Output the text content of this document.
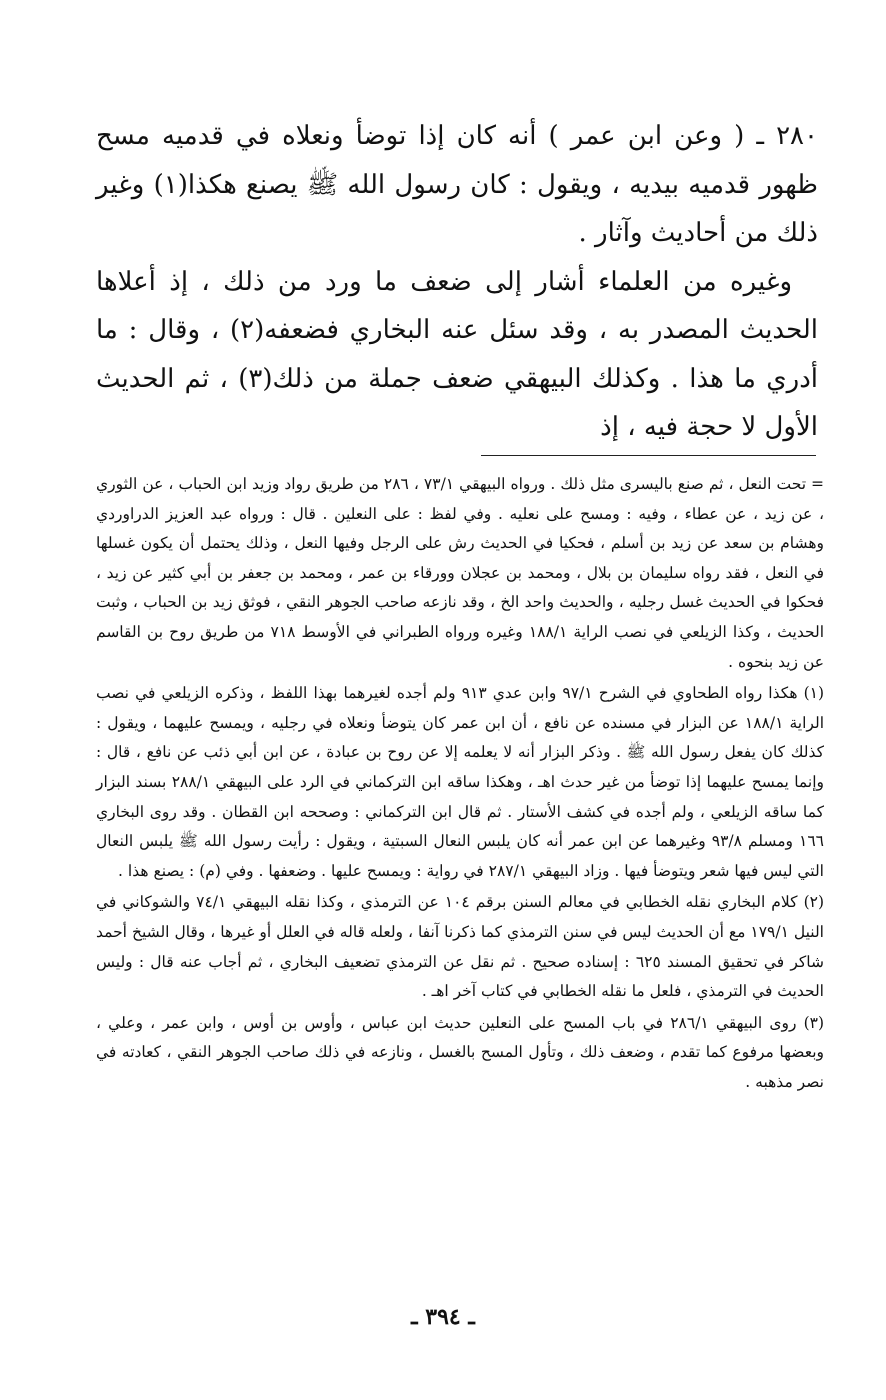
٢٨٠ ـ ( وعن ابن عمر ) أنه كان إذا توضأ ونعلاه في قدميه مسح ظهور قدميه بيديه ، ويقول : كان رسول الله ﷺ يصنع هكذا(١) وغير ذلك من أحاديث وآثار .

وغيره من العلماء أشار إلى ضعف ما ورد من ذلك ، إذ أعلاها الحديث المصدر به ، وقد سئل عنه البخاري فضعفه(٢) ، وقال : ما أدري ما هذا . وكذلك البيهقي ضعف جملة من ذلك(٣) ، ثم الحديث الأول لا حجة فيه ، إذ

= تحت النعل ، ثم صنع باليسرى مثل ذلك . ورواه البيهقي ٧٣/١ ، ٢٨٦ من طريق رواد وزيد ابن الحباب ، عن الثوري ، عن زيد ، عن عطاء ، وفيه : ومسح على نعليه . وفي لفظ : على النعلين . قال : ورواه عبد العزيز الدراوردي وهشام بن سعد عن زيد بن أسلم ، فحكيا في الحديث رش على الرجل وفيها النعل ، وذلك يحتمل أن يكون غسلها في النعل ، فقد رواه سليمان بن بلال ، ومحمد بن عجلان وورقاء بن عمر ، ومحمد بن جعفر بن أبي كثير عن زيد ، فحكوا في الحديث غسل رجليه ، والحديث واحد الخ ، وقد نازعه صاحب الجوهر النقي ، فوثق زيد بن الحباب ، وثبت الحديث ، وكذا الزيلعي في نصب الراية ١٨٨/١ وغيره ورواه الطبراني في الأوسط ٧١٨ من طريق روح بن القاسم عن زيد بنحوه .

(١) هكذا رواه الطحاوي في الشرح ٩٧/١ وابن عدي ٩١٣ ولم أجده لغيرهما بهذا اللفظ ، وذكره الزيلعي في نصب الراية ١٨٨/١ عن البزار في مسنده عن نافع ، أن ابن عمر كان يتوضأ ونعلاه في رجليه ، ويمسح عليهما ، ويقول : كذلك كان يفعل رسول الله ﷺ . وذكر البزار أنه لا يعلمه إلا عن روح بن عبادة ، عن ابن أبي ذئب عن نافع ، قال : وإنما يمسح عليهما إذا توضأ من غير حدث اهـ ، وهكذا ساقه ابن التركماني في الرد على البيهقي ٢٨٨/١ بسند البزار كما ساقه الزيلعي ، ولم أجده في كشف الأستار . ثم قال ابن التركماني : وصححه ابن القطان . وقد روى البخاري ١٦٦ ومسلم ٩٣/٨ وغيرهما عن ابن عمر أنه كان يلبس النعال السبتية ، ويقول : رأيت رسول الله ﷺ يلبس النعال التي ليس فيها شعر ويتوضأ فيها . وزاد البيهقي ٢٨٧/١ في رواية : ويمسح عليها . وضعفها . وفي (م) : يصنع هذا .

(٢) كلام البخاري نقله الخطابي في معالم السنن برقم ١٠٤ عن الترمذي ، وكذا نقله البيهقي ٧٤/١ والشوكاني في النيل ١٧٩/١ مع أن الحديث ليس في سنن الترمذي كما ذكرنا آنفا ، ولعله قاله في العلل أو غيرها ، وقال الشيخ أحمد شاكر في تحقيق المسند ٦٢٥ : إسناده صحيح . ثم نقل عن الترمذي تضعيف البخاري ، ثم أجاب عنه قال : وليس الحديث في الترمذي ، فلعل ما نقله الخطابي في كتاب آخر اهـ .

(٣) روى البيهقي ٢٨٦/١ في باب المسح على النعلين حديث ابن عباس ، وأوس بن أوس ، وابن عمر ، وعلي ، وبعضها مرفوع كما تقدم ، وضعف ذلك ، وتأول المسح بالغسل ، ونازعه في ذلك صاحب الجوهر النقي ، كعادته في نصر مذهبه .

ـ ٣٩٤ ـ
